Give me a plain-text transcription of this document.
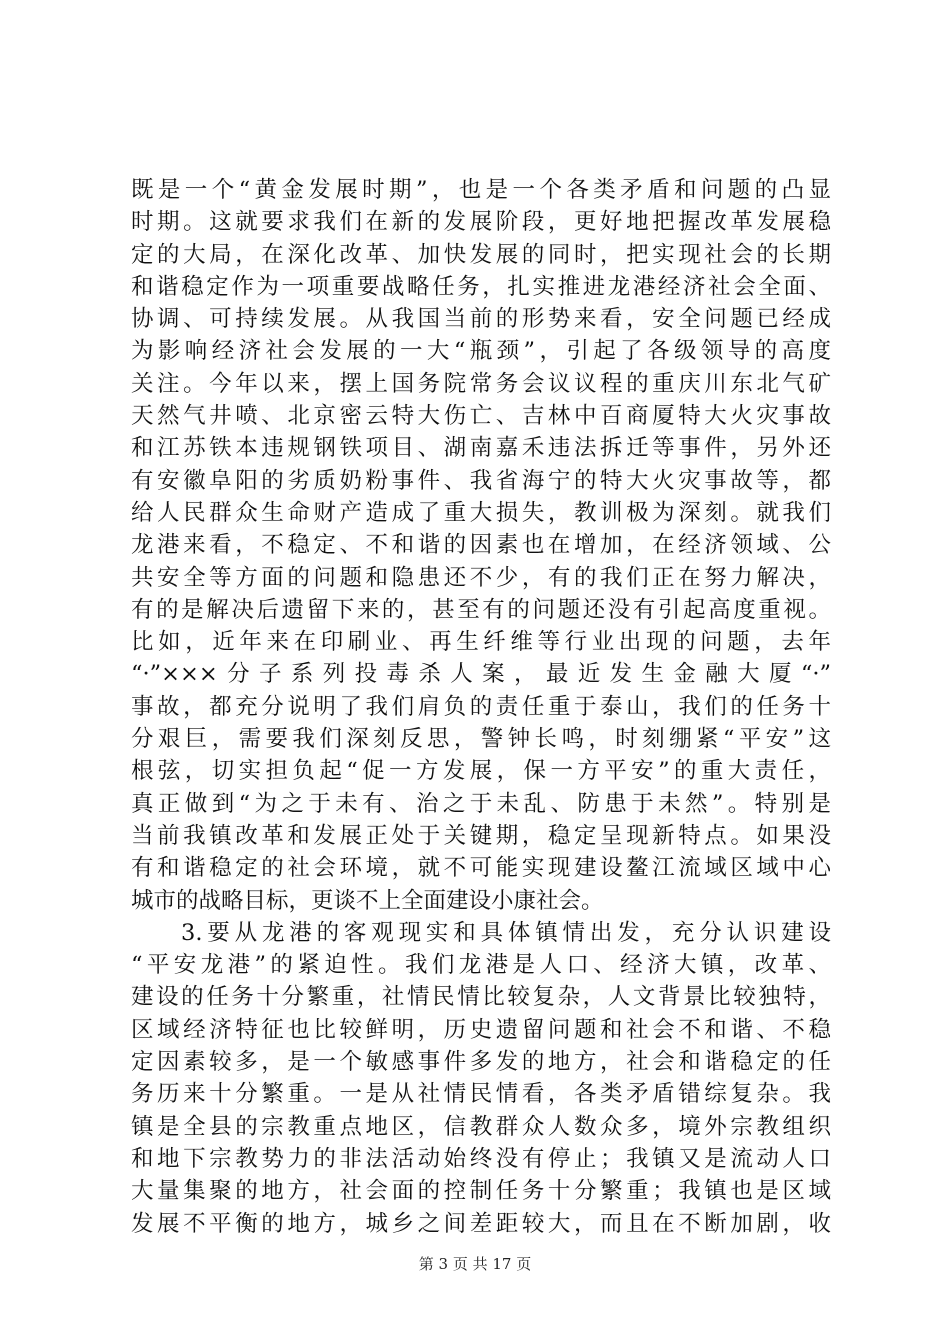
既是一个“黄金发展时期”，也是一个各类矛盾和问题的凸显
时期。这就要求我们在新的发展阶段，更好地把握改革发展稳
定的大局，在深化改革、加快发展的同时，把实现社会的长期
和谐稳定作为一项重要战略任务，扎实推进龙港经济社会全面、
协调、可持续发展。从我国当前的形势来看，安全问题已经成
为影响经济社会发展的一大“瓶颈”，引起了各级领导的高度
关注。今年以来，摆上国务院常务会议议程的重庆川东北气矿
天然气井喷、北京密云特大伤亡、吉林中百商厦特大火灾事故
和江苏铁本违规钢铁项目、湖南嘉禾违法拆迁等事件，另外还
有安徽阜阳的劣质奶粉事件、我省海宁的特大火灾事故等，都
给人民群众生命财产造成了重大损失，教训极为深刻。就我们
龙港来看，不稳定、不和谐的因素也在增加，在经济领域、公
共安全等方面的问题和隐患还不少，有的我们正在努力解决，
有的是解决后遗留下来的，甚至有的问题还没有引起高度重视。
比如，近年来在印刷业、再生纤维等行业出现的问题，去年
“·”×××分子系列投毒杀人案，最近发生金融大厦“·”
事故，都充分说明了我们肩负的责任重于泰山，我们的任务十
分艰巨，需要我们深刻反思，警钟长鸣，时刻绷紧“平安”这
根弦，切实担负起“促一方发展，保一方平安”的重大责任，
真正做到“为之于未有、治之于未乱、防患于未然”。特别是
当前我镇改革和发展正处于关键期，稳定呈现新特点。如果没
有和谐稳定的社会环境，就不可能实现建设鳌江流域区域中心
城市的战略目标，更谈不上全面建设小康社会。
3.要从龙港的客观现实和具体镇情出发，充分认识建设
“平安龙港”的紧迫性。我们龙港是人口、经济大镇，改革、
建设的任务十分繁重，社情民情比较复杂，人文背景比较独特，
区域经济特征也比较鲜明，历史遗留问题和社会不和谐、不稳
定因素较多，是一个敏感事件多发的地方，社会和谐稳定的任
务历来十分繁重。一是从社情民情看，各类矛盾错综复杂。我
镇是全县的宗教重点地区，信教群众人数众多，境外宗教组织
和地下宗教势力的非法活动始终没有停止；我镇又是流动人口
大量集聚的地方，社会面的控制任务十分繁重；我镇也是区域
发展不平衡的地方，城乡之间差距较大，而且在不断加剧，收
第 3 页 共 17 页
